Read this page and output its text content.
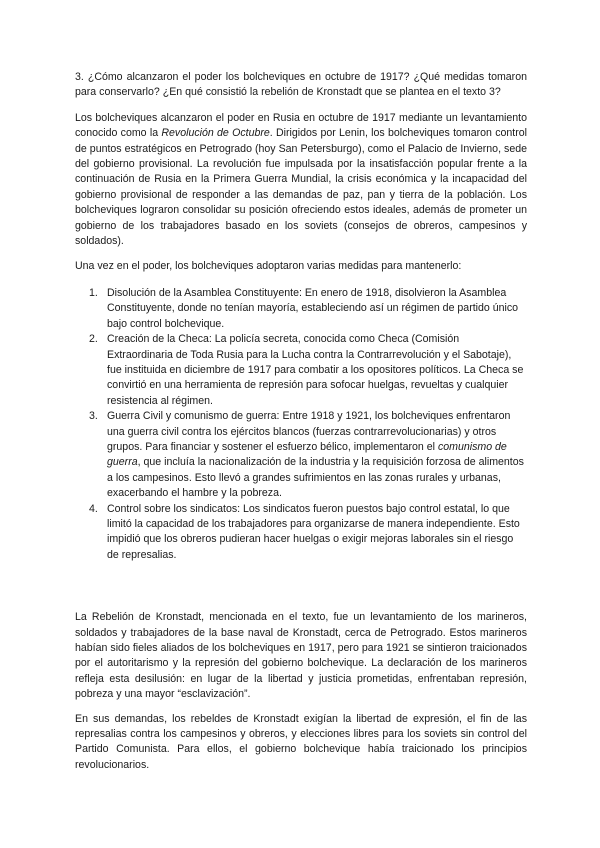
3. ¿Cómo alcanzaron el poder los bolcheviques en octubre de 1917? ¿Qué medidas tomaron para conservarlo? ¿En qué consistió la rebelión de Kronstadt que se plantea en el texto 3?

Los bolcheviques alcanzaron el poder en Rusia en octubre de 1917 mediante un levantamiento conocido como la Revolución de Octubre. Dirigidos por Lenin, los bolcheviques tomaron control de puntos estratégicos en Petrogrado (hoy San Petersburgo), como el Palacio de Invierno, sede del gobierno provisional. La revolución fue impulsada por la insatisfacción popular frente a la continuación de Rusia en la Primera Guerra Mundial, la crisis económica y la incapacidad del gobierno provisional de responder a las demandas de paz, pan y tierra de la población. Los bolcheviques lograron consolidar su posición ofreciendo estos ideales, además de prometer un gobierno de los trabajadores basado en los soviets (consejos de obreros, campesinos y soldados).

Una vez en el poder, los bolcheviques adoptaron varias medidas para mantenerlo:

1. Disolución de la Asamblea Constituyente: En enero de 1918, disolvieron la Asamblea Constituyente, donde no tenían mayoría, estableciendo así un régimen de partido único bajo control bolchevique.
2. Creación de la Checa: La policía secreta, conocida como Checa (Comisión Extraordinaria de Toda Rusia para la Lucha contra la Contrarrevolución y el Sabotaje), fue instituida en diciembre de 1917 para combatir a los opositores políticos. La Checa se convirtió en una herramienta de represión para sofocar huelgas, revueltas y cualquier resistencia al régimen.
3. Guerra Civil y comunismo de guerra: Entre 1918 y 1921, los bolcheviques enfrentaron una guerra civil contra los ejércitos blancos (fuerzas contrarrevolucionarias) y otros grupos. Para financiar y sostener el esfuerzo bélico, implementaron el comunismo de guerra, que incluía la nacionalización de la industria y la requisición forzosa de alimentos a los campesinos. Esto llevó a grandes sufrimientos en las zonas rurales y urbanas, exacerbando el hambre y la pobreza.
4. Control sobre los sindicatos: Los sindicatos fueron puestos bajo control estatal, lo que limitó la capacidad de los trabajadores para organizarse de manera independiente. Esto impidió que los obreros pudieran hacer huelgas o exigir mejoras laborales sin el riesgo de represalias.

La Rebelión de Kronstadt, mencionada en el texto, fue un levantamiento de los marineros, soldados y trabajadores de la base naval de Kronstadt, cerca de Petrogrado. Estos marineros habían sido fieles aliados de los bolcheviques en 1917, pero para 1921 se sintieron traicionados por el autoritarismo y la represión del gobierno bolchevique. La declaración de los marineros refleja esta desilusión: en lugar de la libertad y justicia prometidas, enfrentaban represión, pobreza y una mayor “esclavización”.

En sus demandas, los rebeldes de Kronstadt exigían la libertad de expresión, el fin de las represalias contra los campesinos y obreros, y elecciones libres para los soviets sin control del Partido Comunista. Para ellos, el gobierno bolchevique había traicionado los principios revolucionarios.
